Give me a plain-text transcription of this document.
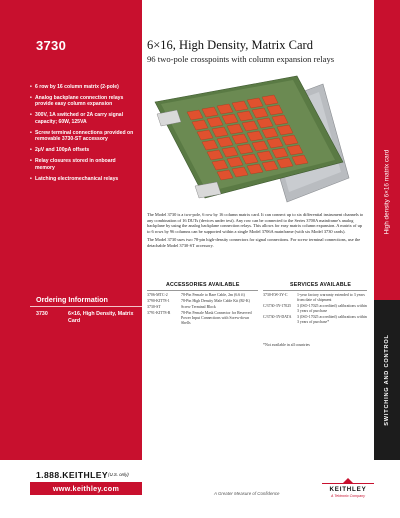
3730
• 6 row by 16 column matrix (2-pole)
• Analog backplane connection relays provide easy column expansion
• 300V, 1A switched or 2A carry signal capacity; 60W, 125VA
• Screw terminal connections provided on removable 3730-ST accessory
• 2µV and 100pA offsets
• Relay closures stored in onboard memory
• Latching electromechanical relays
Ordering Information
3730	6×16, High Density, Matrix Card
6×16, High Density, Matrix Card
96 two-pole crosspoints with column expansion relays

The Model 3730 is a two-pole, 6 row by 16 column matrix card. It can connect up to six differential instrument channels to any combination of 16 DUTs (devices under test). Any row can be connected to the Series 3700A mainframe's analog backplane by using the analog backplane connection relays. This allows for easy matrix column expansion. A matrix of up to 6 rows by 96 columns can be supported within a single Model 3706A mainframe (with six Model 3730 cards).

The Model 3730 uses two 78-pin high-density connectors for signal connections. For screw terminal connections, use the detachable Model 3730-ST accessory.

ACCESSORIES AVAILABLE
3706-MTC-2	78-Pin Female to Bare Cable, 2m (6.6 ft)
3790-KIT78-1	78-Pin High Density Male Cable Kit (RJ-K)
3730-ST	Screw Terminal Block
3791-KIT78-R	78-Pin Female Mask Connector for Reserved Power Input Connections with Screw-down Shells
SERVICES AVAILABLE
3730-EW-3Y-C	1-year factory warranty extended to 3 years from date of shipment
C/3730-3Y-17025	3 (ISO-17025 accredited) calibrations within 3 years of purchase
C/3730-3Y-DATA	3 (ISO-17025 accredited) calibrations within 3 years of purchase*
*Not available in all countries
High density 6×16 matrix card
SWITCHING AND CONTROL
1.888.KEITHLEY (U.S. only)
www.keithley.com
A Greater Measure of Confidence
KEITHLEY
A Tektronix Company
